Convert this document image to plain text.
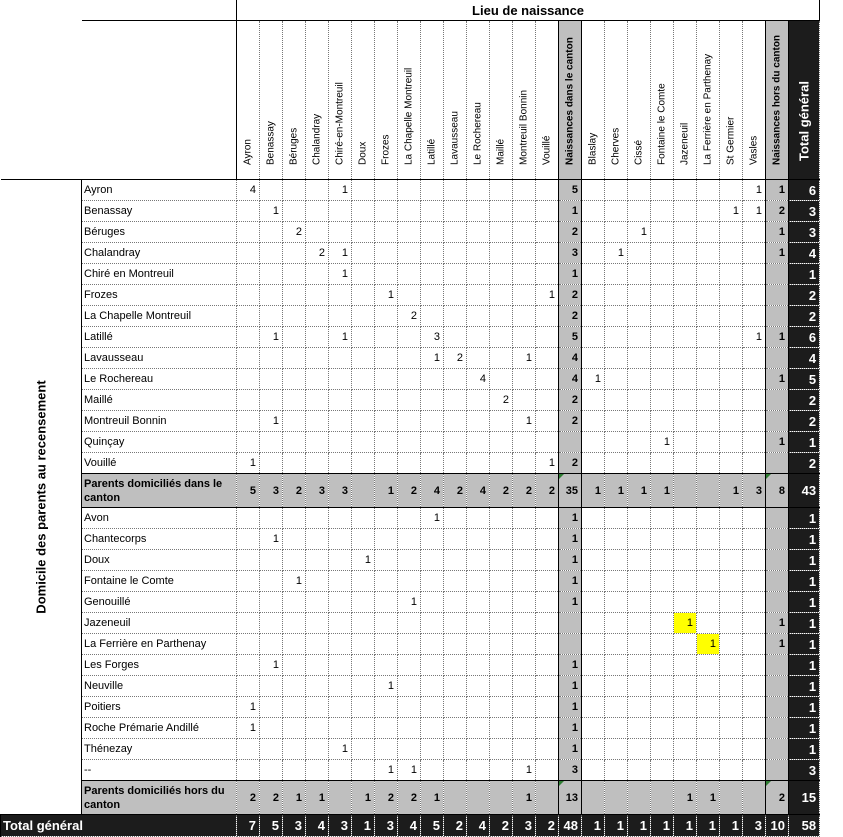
		Lieu de naissance																								

		Ayron	Benassay	Béruges	Chalandray	Chiré-en-Montreuil	Doux	Frozes	La Chapelle Montreuil	Latillé	Lavausseau	Le Rochereau	Maillé	Montreuil Bonnin	Vouillé	Naissances dans le canton	Blaslay	Cherves	Cissé	Fontaine le Comte	Jazeneuil	La Ferrière en Parthenay	St Germier	Vasles	Naissances hors du canton	Total général

Domicile des parents au recensement	Ayron	4				1										5								1	1	6
	Benassay		1													1							1	1	2	3
	Béruges			2												2			1						1	3
	Chalandray				2	1										3		1							1	4
	Chiré en Montreuil					1										1										1
	Frozes							1							1	2										2
	La Chapelle Montreuil								2							2										2
	Latillé		1			1				3						5								1	1	6
	Lavausseau									1	2			1		4										4
	Le Rochereau											4				4	1								1	5
	Maillé												2			2										2
	Montreuil Bonnin		1											1		2										2
	Quinçay																			1					1	1
	Vouillé	1													1	2										2
	Parents domiciliés dans le canton	5	3	2	3	3		1	2	4	2	4	2	2	2	35	1	1	1	1			1	3	8	43
	Avon									1						1										1
	Chantecorps		1													1										1
	Doux						1									1										1
	Fontaine le Comte			1												1										1
	Genouillé								1							1										1
	Jazeneuil																				1				1	1
	La Ferrière en Parthenay																					1			1	1
	Les Forges		1													1										1
	Neuville							1								1										1
	Poitiers	1														1										1
	Roche Prémarie Andillé	1														1										1
	Thénezay					1										1										1
	--							1	1					1		3										3
	Parents domiciliés hors du canton	2	2	1	1		1	2	2	1				1		13					1	1			2	15
Total général		7	5	3	4	3	1	3	4	5	2	4	2	3	2	48	1	1	1	1	1	1	1	3	10	58
